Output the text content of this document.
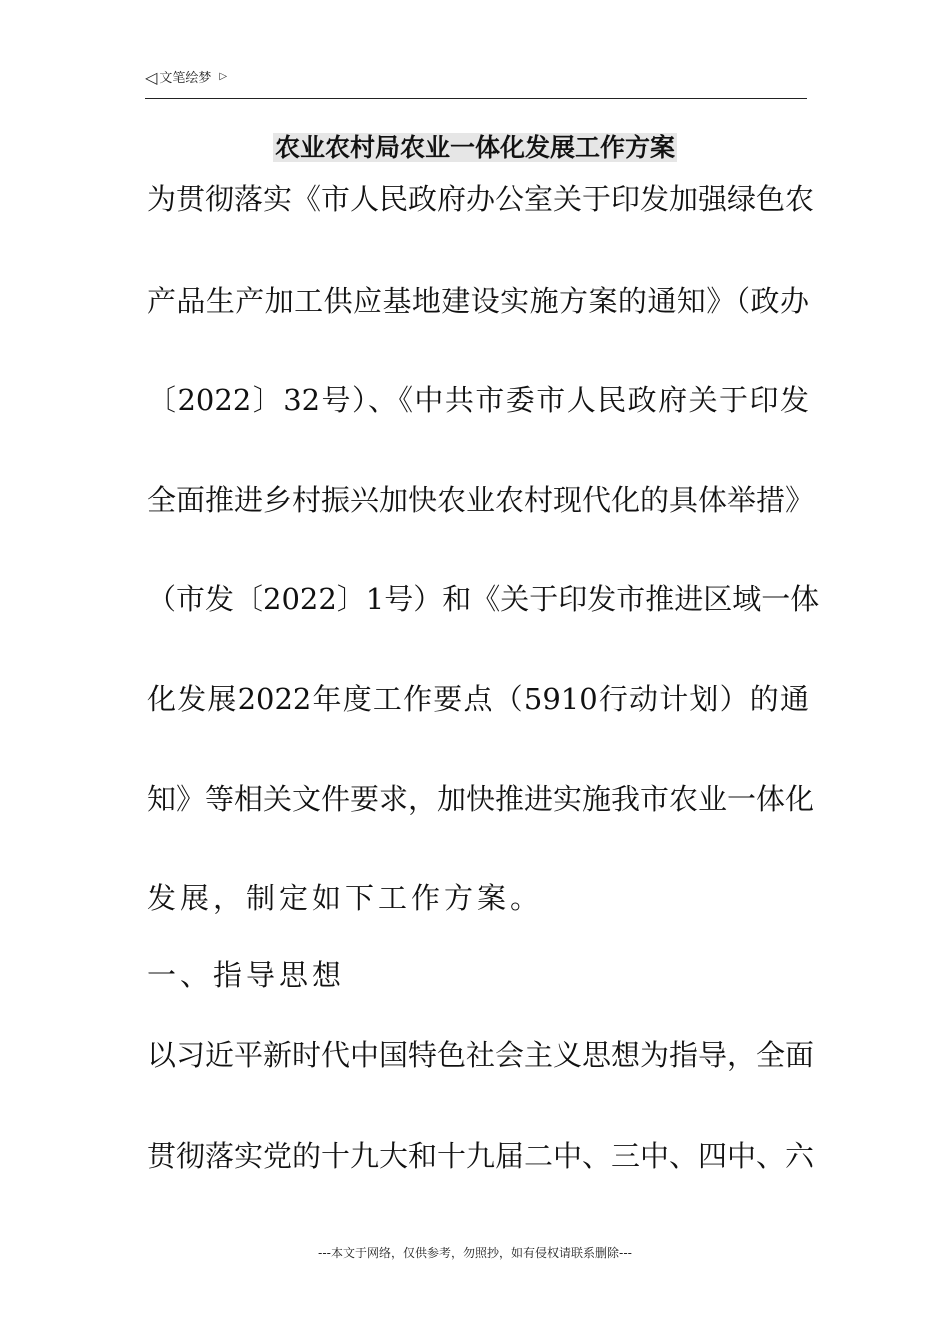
◁ 文笔绘梦 ▷
农业农村局农业一体化发展工作方案
为贯彻落实《市人民政府办公室关于印发加强绿色农
产品生产加工供应基地建设实施方案的通知》（政办
〔2022〕32号）、《中共市委市人民政府关于印发
全面推进乡村振兴加快农业农村现代化的具体举措》
（市发〔2022〕1号）和《关于印发市推进区域一体
化发展2022年度工作要点（5910行动计划）的通
知》等相关文件要求，加快推进实施我市农业一体化
发展，制定如下工作方案。
一、指导思想
以习近平新时代中国特色社会主义思想为指导，全面
贯彻落实党的十九大和十九届二中、三中、四中、六
---本文于网络，仅供参考，勿照抄，如有侵权请联系删除---
